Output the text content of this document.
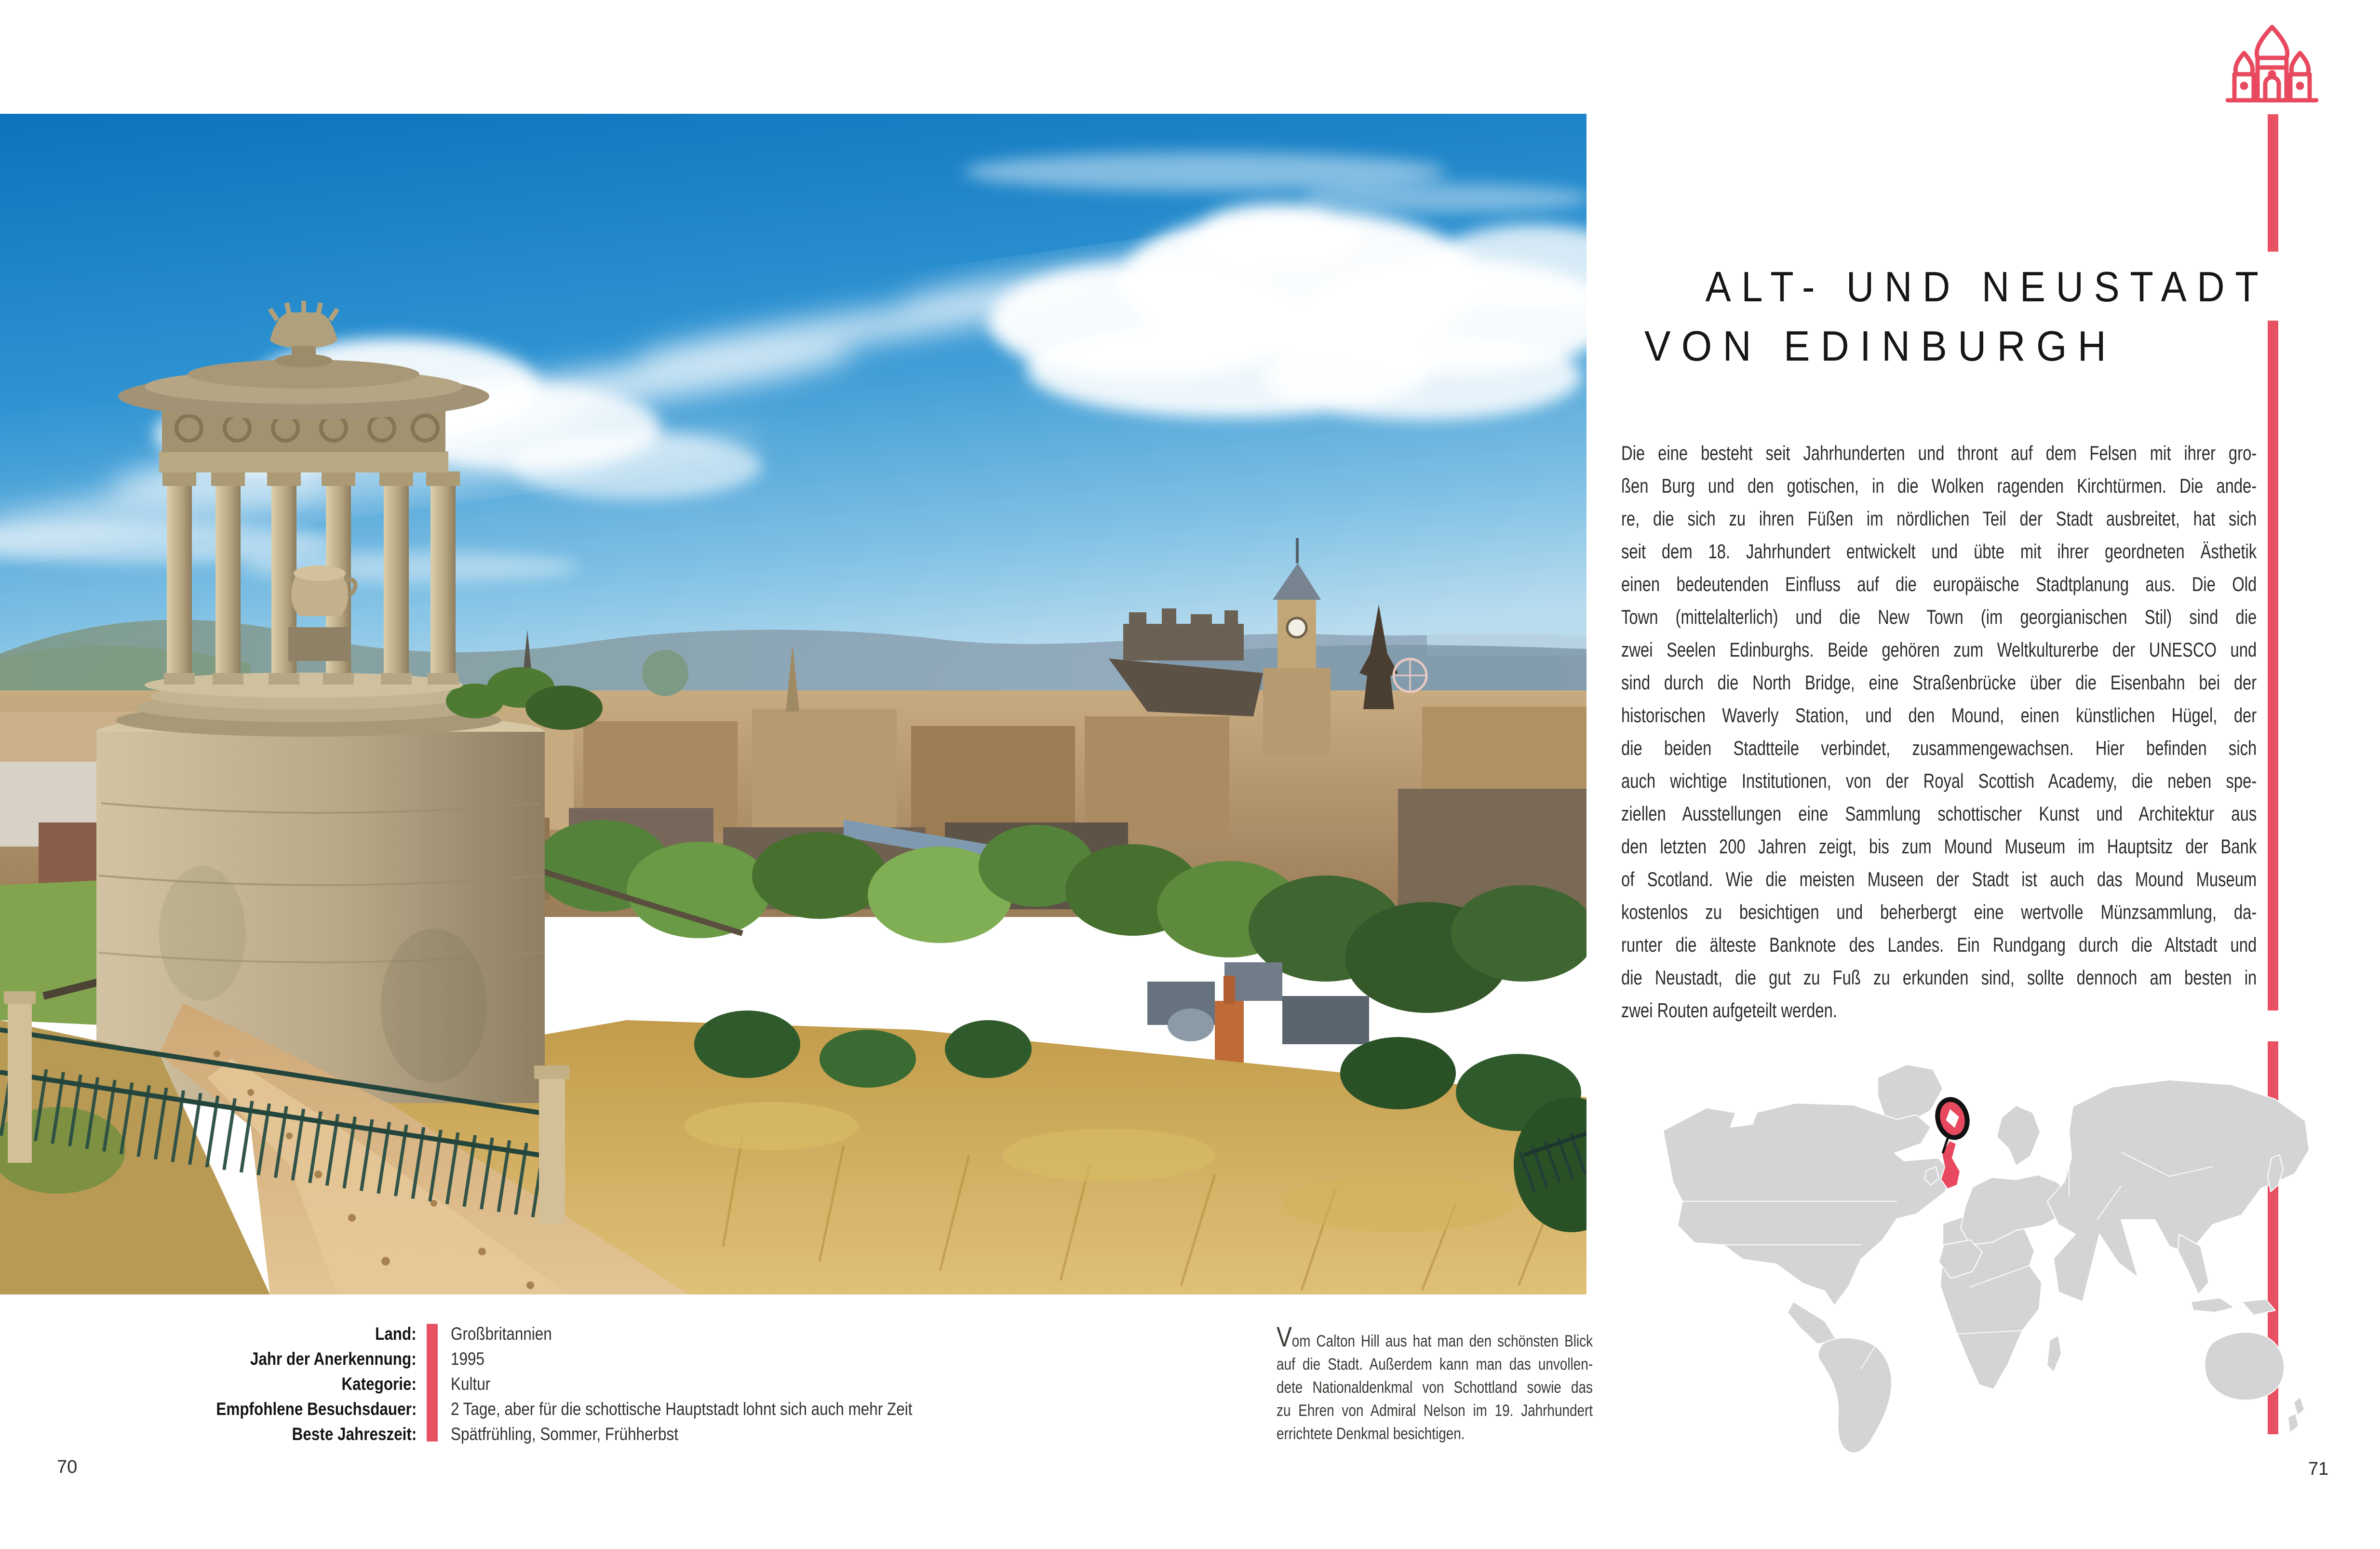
Land: Großbritannien
Jahr der Anerkennung: 1995
Kategorie: Kultur
Empfohlene Besuchsdauer: 2 Tage, aber für die schottische Hauptstadt lohnt sich auch mehr Zeit
Beste Jahreszeit: Spätfrühling, Sommer, Frühherbst
Vom Calton Hill aus hat man den schönsten Blick
auf die Stadt. Außerdem kann man das unvollen-
dete Nationaldenkmal von Schottland sowie das
zu Ehren von Admiral Nelson im 19. Jahrhundert
errichtete Denkmal besichtigen.
ALT- UND NEUSTADT
VON EDINBURGH
Die eine besteht seit Jahrhunderten und thront auf dem Felsen mit ihrer gro-
ßen Burg und den gotischen, in die Wolken ragenden Kirchtürmen. Die ande-
re, die sich zu ihren Füßen im nördlichen Teil der Stadt ausbreitet, hat sich
seit dem 18. Jahrhundert entwickelt und übte mit ihrer geordneten Ästhetik
einen bedeutenden Einfluss auf die europäische Stadtplanung aus. Die Old
Town (mittelalterlich) und die New Town (im georgianischen Stil) sind die
zwei Seelen Edinburghs. Beide gehören zum Weltkulturerbe der UNESCO und
sind durch die North Bridge, eine Straßenbrücke über die Eisenbahn bei der
historischen Waverly Station, und den Mound, einen künstlichen Hügel, der
die beiden Stadtteile verbindet, zusammengewachsen. Hier befinden sich
auch wichtige Institutionen, von der Royal Scottish Academy, die neben spe-
ziellen Ausstellungen eine Sammlung schottischer Kunst und Architektur aus
den letzten 200 Jahren zeigt, bis zum Mound Museum im Hauptsitz der Bank
of Scotland. Wie die meisten Museen der Stadt ist auch das Mound Museum
kostenlos zu besichtigen und beherbergt eine wertvolle Münzsammlung, da-
runter die älteste Banknote des Landes. Ein Rundgang durch die Altstadt und
die Neustadt, die gut zu Fuß zu erkunden sind, sollte dennoch am besten in
zwei Routen aufgeteilt werden.
70	71
